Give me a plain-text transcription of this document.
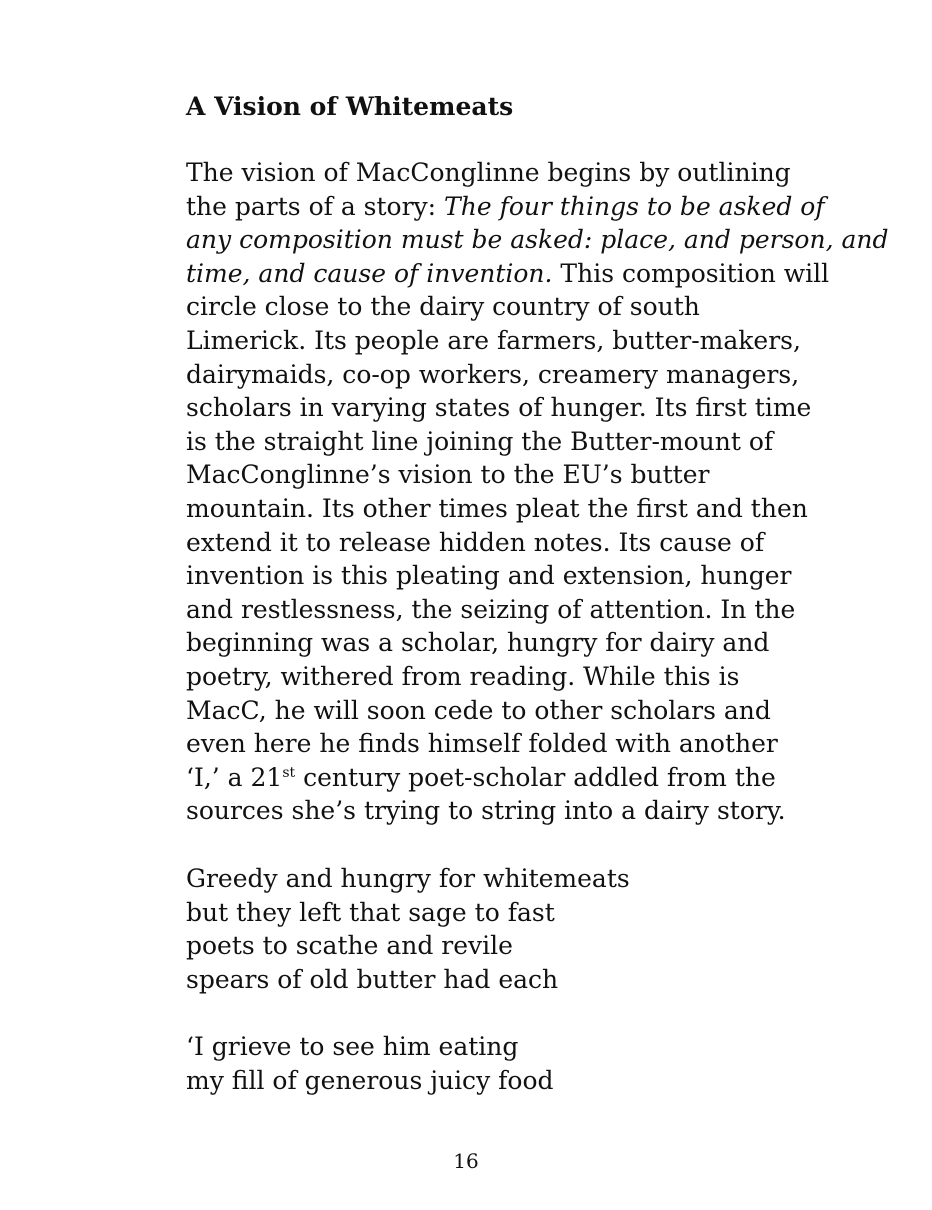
A Vision of Whitemeats
The vision of MacConglinne begins by outlining
the parts of a story: The four things to be asked of
any composition must be asked: place, and person, and
time, and cause of invention. This composition will
circle close to the dairy country of south
Limerick. Its people are farmers, butter-makers,
dairymaids, co-op workers, creamery managers,
scholars in varying states of hunger. Its first time
is the straight line joining the Butter-mount of
MacConglinne’s vision to the EU’s butter
mountain. Its other times pleat the first and then
extend it to release hidden notes. Its cause of
invention is this pleating and extension, hunger
and restlessness, the seizing of attention. In the
beginning was a scholar, hungry for dairy and
poetry, withered from reading. While this is
MacC, he will soon cede to other scholars and
even here he finds himself folded with another
‘I,’ a 21st century poet-scholar addled from the
sources she’s trying to string into a dairy story.
Greedy and hungry for whitemeats
but they left that sage to fast
poets to scathe and revile
spears of old butter had each
‘I grieve to see him eating
my fill of generous juicy food
16
